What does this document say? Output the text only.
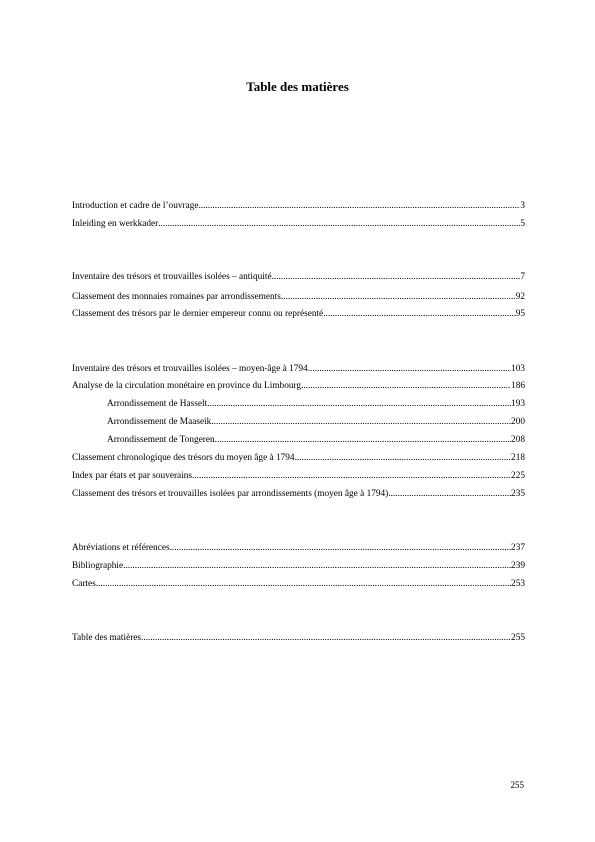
Table des matières
Introduction et cadre de l’ouvrage .....	3
Inleiding en werkkader .....	5
Inventaire des trésors et trouvailles isolées – antiquité .....	7
Classement des monnaies romaines par arrondissements .....	92
Classement des trésors par le dernier empereur connu ou représenté .....	95
Inventaire des trésors et trouvailles isolées – moyen-âge à 1794 .....	103
Analyse de la circulation monétaire en province du Limbourg .....	186
Arrondissement de Hasselt .....	193
Arrondissement de Maaseik .....	200
Arrondissement de Tongeren .....	208
Classement chronologique des trésors du moyen âge à 1794 .....	218
Index par états et par souverains .....	225
Classement des trésors et trouvailles isolées par arrondissements (moyen âge à 1794) .....	235
Abréviations et références .....	237
Bibliographie .....	239
Cartes .....	253
Table des matières .....	255
255
